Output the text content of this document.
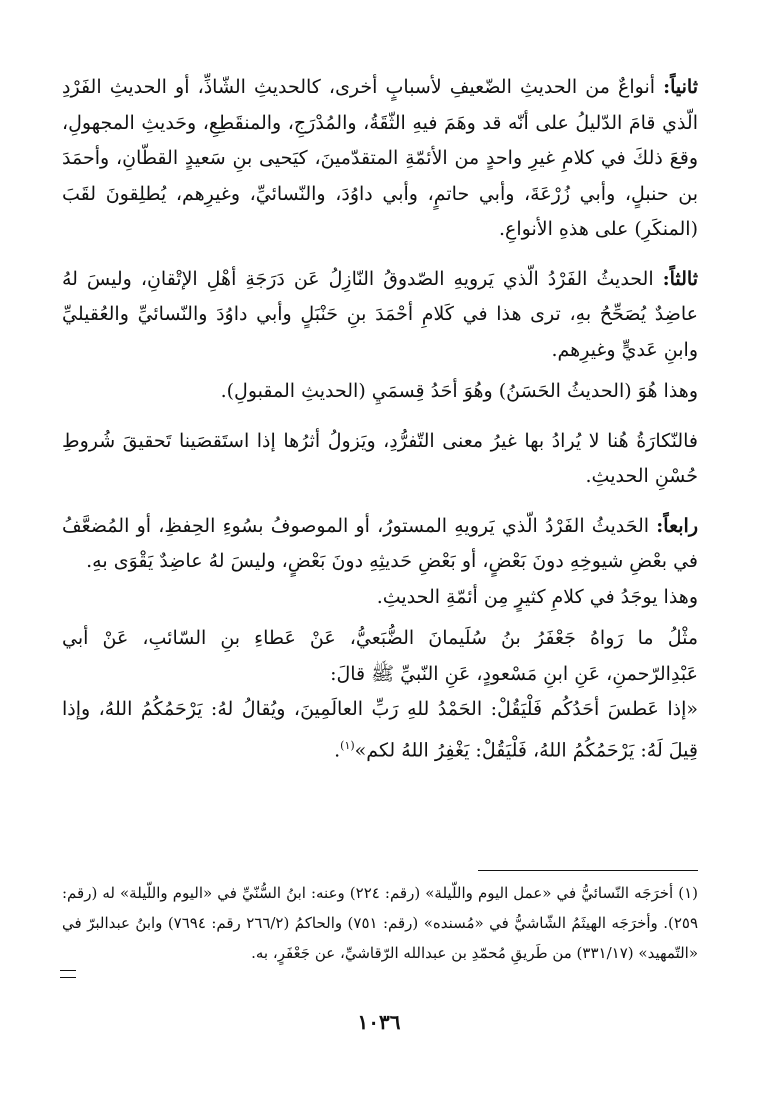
ثانياً: أنواعٌ من الحديثِ الضّعيفِ لأسبابٍ أخرى، كالحديثِ الشّاذِّ، أو الحديثِ الفَرْدِ الّذي قامَ الدّليلُ على أنّه قد وهَمَ فيهِ الثّقَةُ، والمُدْرَجِ، والمنقَطِعِ، وحَديثِ المجهولِ، وقعَ ذلكَ في كلامِ غيرِ واحدٍ من الأئمّةِ المتقدّمينَ، كيَحيى بنِ سَعيدٍ القطّانِ، وأحمَدَ بن حنبلٍ، وأبي زُرْعَةَ، وأبي حاتمٍ، وأبي داوُدَ، والنّسائيِّ، وغيرِهم، يُطلِقونَ لقَبَ (المنكَرِ) على هذهِ الأنواعِ.

ثالثاً: الحديثُ الفَرْدُ الّذي يَرويهِ الصّدوقُ النّازِلُ عَن دَرَجَةِ أهْلِ الإتْقانِ، وليسَ لهُ عاضِدٌ يُصَحِّحُ بهِ، ترى هذا في كَلامِ أحْمَدَ بنِ حَنْبَلٍ وأبي داوُدَ والنّسائيِّ والعُقيليِّ وابنِ عَديٍّ وغيرِهم.

وهذا هُوَ (الحديثُ الحَسَنُ) وهُوَ أحَدُ قِسمَيِ (الحديثِ المقبولِ).

فالنّكارَةُ هُنا لا يُرادُ بها غيرُ معنى التّفرُّدِ، ويَزولُ أثرُها إذا استَقصَينا تَحقيقَ شُروطِ حُسْنِ الحديثِ.

رابعاً: الحَديثُ الفَرْدُ الّذي يَرويهِ المستورُ، أو الموصوفُ بسُوءِ الحِفظِ، أو المُضعَّفُ في بعْضِ شيوخِهِ دونَ بَعْضٍ، أو بَعْضِ حَديثِهِ دونَ بَعْضٍ، وليسَ لهُ عاضِدٌ يَقْوَى بهِ.

وهذا يوجَدُ في كلامِ كثيرٍ مِن أئمّةِ الحديثِ.

مثْلُ ما رَواهُ جَعْفَرُ بنُ سُلَيمانَ الضُّبَعيُّ، عَنْ عَطاءِ بنِ السّائبِ، عَنْ أبي عَبْدِالرّحمنِ، عَنِ ابنِ مَسْعودٍ، عَنِ النّبيِّ ﷺ قالَ:

«إذا عَطسَ أحَدُكُم فَلْيَقُلْ: الحَمْدُ للهِ رَبِّ العالَمِينَ، ويُقالُ لهُ: يَرْحَمُكُمُ اللهُ، وإذا قِيلَ لَهُ: يَرْحَمُكُمُ اللهُ، فَلْيَقُلْ: يَغْفِرُ اللهُ لكم»$^{(١)}$.

(١) أخرَجَه النّسائيُّ في «عمل اليوم واللّيلة» (رقم: ٢٢٤) وعنه: ابنُ السُّنّيِّ في «اليوم واللّيلة» له (رقم: ٢٥٩). وأخرَجَه الهيثَمُ الشّاشيُّ في «مُسنده» (رقم: ٧٥١) والحاكمُ (٢٦٦/٢ رقم: ٧٦٩٤) وابنُ عبدالبرّ في «التّمهيد» (٣٣١/١٧) من طَريقِ مُحمّدِ بن عبدالله الرّقاشيِّ، عن جَعْفَرٍ، به.

١٠٣٦
